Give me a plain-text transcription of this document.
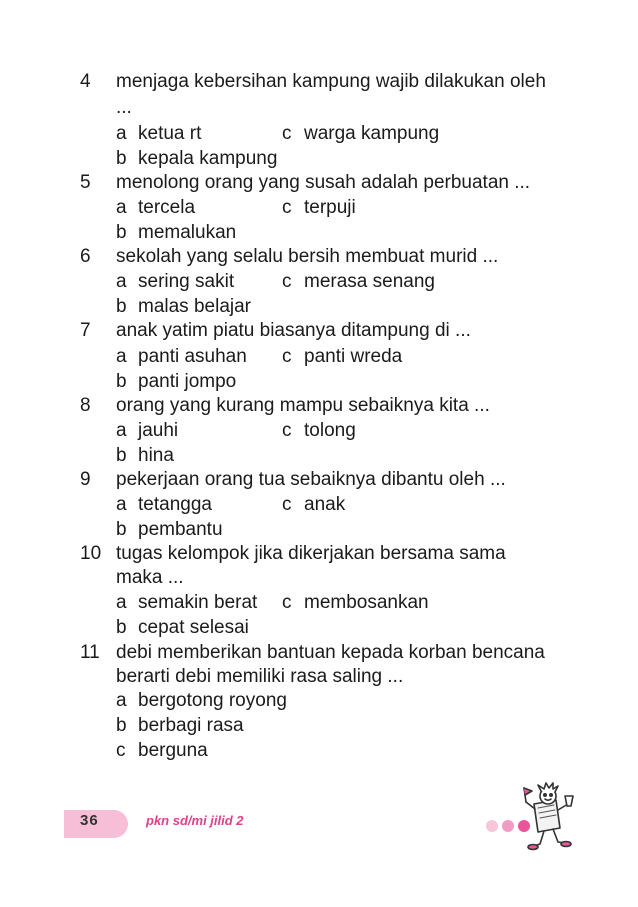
4 menjaga kebersihan kampung wajib dilakukan oleh
...
a ketua rt	c warga kampung
b kepala kampung
5 menolong orang yang susah adalah perbuatan ...
a tercela	c terpuji
b memalukan
6 sekolah yang selalu bersih membuat murid ...
a sering sakit	c merasa senang
b malas belajar
7 anak yatim piatu biasanya ditampung di ...
a panti asuhan c panti wreda
b panti jompo
8 orang yang kurang mampu sebaiknya kita ...
a jauhi	c tolong
b hina
9 pekerjaan orang tua sebaiknya dibantu oleh ...
a tetangga	c anak
b pembantu
10 tugas kelompok jika dikerjakan bersama sama
maka ...
a semakin berat c membosankan
b cepat selesai
11 debi memberikan bantuan kepada korban bencana
berarti debi memiliki rasa saling ...
a bergotong royong
b berbagi rasa
c berguna
36	pkn sd/mi jilid 2
